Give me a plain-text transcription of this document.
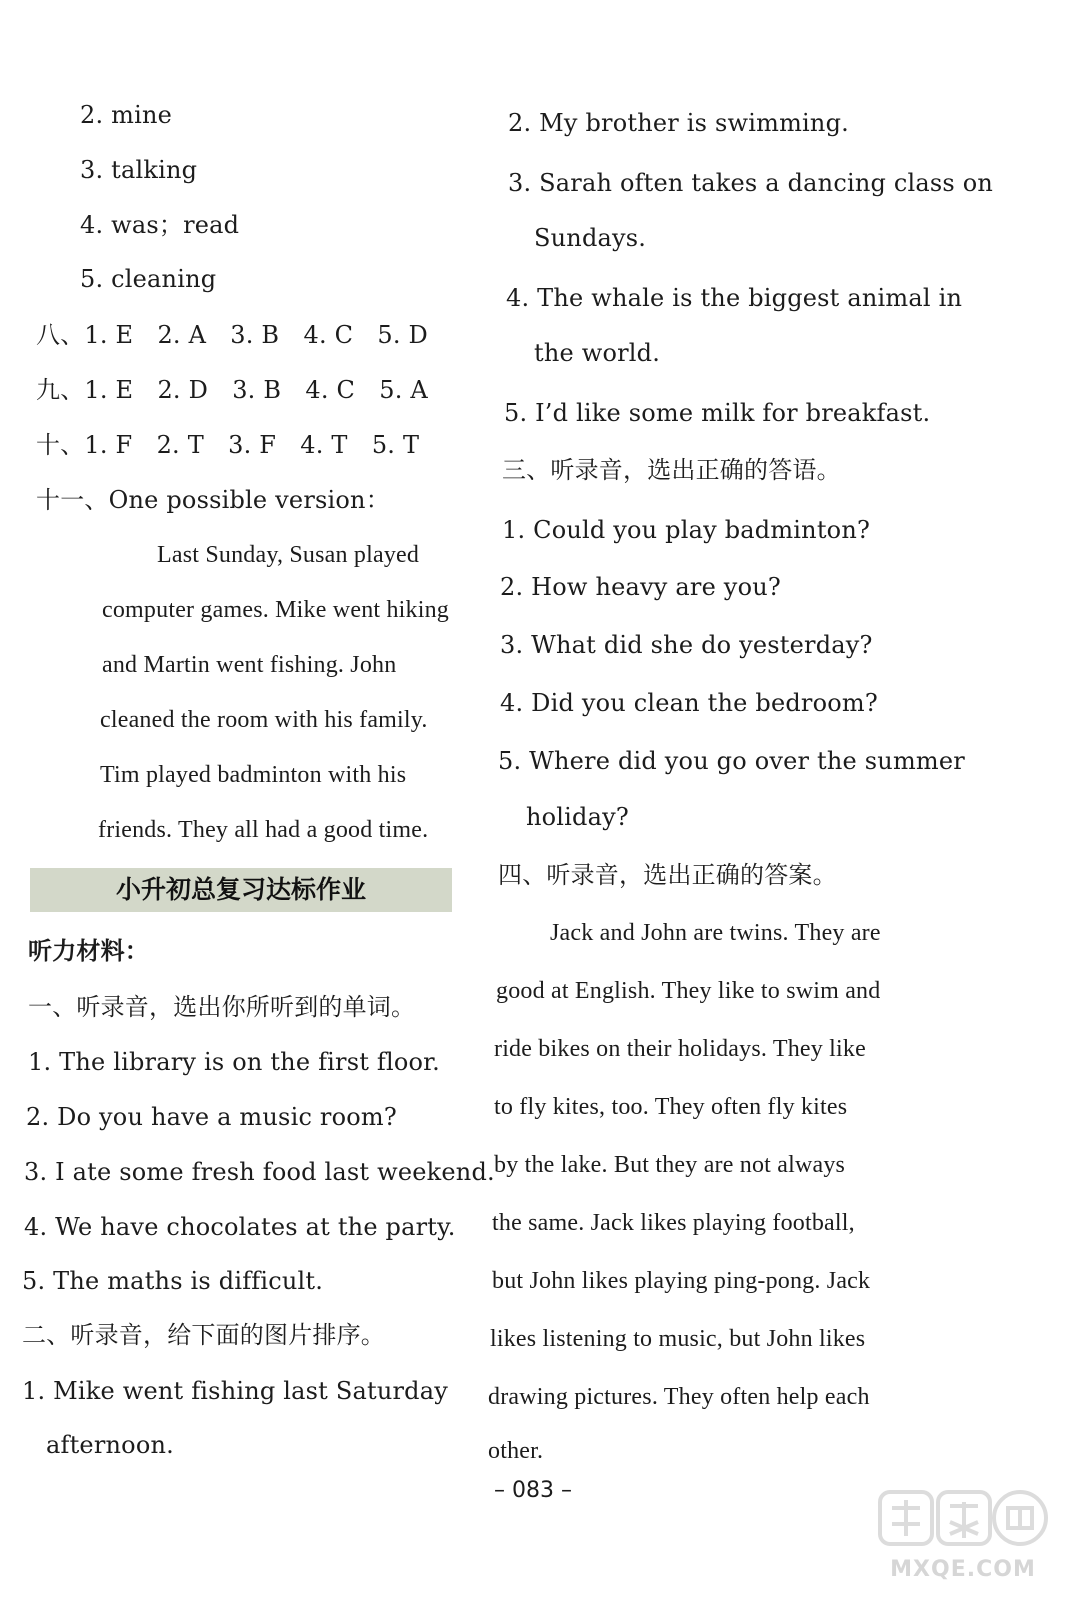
2. mine
3. talking
4. was；read
5. cleaning
八、1. E　2. A　3. B　4. C　5. D
九、1. E　2. D　3. B　4. C　5. A
十、1. F　2. T　3. F　4. T　5. T
十一、One possible version：
Last Sunday, Susan played
computer games. Mike went hiking
and Martin went fishing. John
cleaned the room with his family.
Tim played badminton with his
friends. They all had a good time.
小升初总复习达标作业
听力材料：
一、听录音，选出你所听到的单词。
1. The library is on the first floor.
2. Do you have a music room?
3. I ate some fresh food last weekend.
4. We have chocolates at the party.
5. The maths is difficult.
二、听录音，给下面的图片排序。
1. Mike went fishing last Saturday
afternoon.
2. My brother is swimming.
3. Sarah often takes a dancing class on
Sundays.
4. The whale is the biggest animal in
the world.
5. I’d like some milk for breakfast.
三、听录音，选出正确的答语。
1. Could you play badminton?
2. How heavy are you?
3. What did she do yesterday?
4. Did you clean the bedroom?
5. Where did you go over the summer
holiday?
四、听录音，选出正确的答案。
Jack and John are twins. They are
good at English. They like to swim and
ride bikes on their holidays. They like
to fly kites, too. They often fly kites
by the lake. But they are not always
the same. Jack likes playing football,
but John likes playing ping-pong. Jack
likes listening to music, but John likes
drawing pictures. They often help each
other.
– 083 –
MXQE.COM
